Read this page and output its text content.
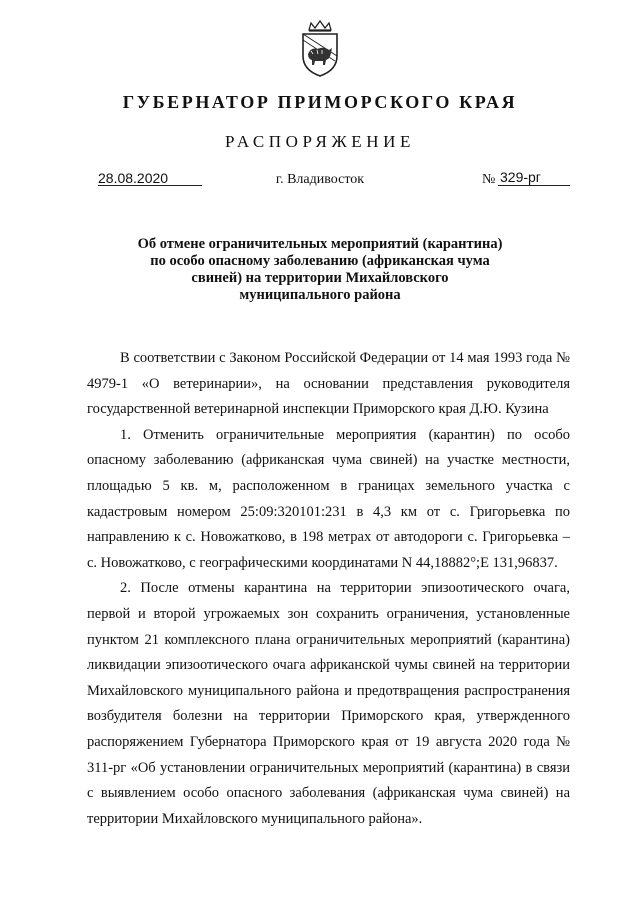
ГУБЕРНАТОР ПРИМОРСКОГО КРАЯ
РАСПОРЯЖЕНИЕ
28.08.2020	г. Владивосток	№ 329-рг
Об отмене ограничительных мероприятий (карантина)
по особо опасному заболеванию (африканская чума
свиней) на территории Михайловского
муниципального района

В соответствии с Законом Российской Федерации от 14 мая 1993 года № 4979-1 «О ветеринарии», на основании представления руководителя государственной ветеринарной инспекции Приморского края Д.Ю. Кузина

1. Отменить ограничительные мероприятия (карантин) по особо опасному заболеванию (африканская чума свиней) на участке местности, площадью 5 кв. м, расположенном в границах земельного участка с кадастровым номером 25:09:320101:231 в 4,3 км от с. Григорьевка по направлению к с. Новожатково, в 198 метрах от автодороги с. Григорьевка – с. Новожатково, с географическими координатами N 44,18882°;E 131,96837.

2. После отмены карантина на территории эпизоотического очага, первой и второй угрожаемых зон сохранить ограничения, установленные пунктом 21 комплексного плана ограничительных мероприятий (карантина) ликвидации эпизоотического очага африканской чумы свиней на территории Михайловского муниципального района и предотвращения распространения возбудителя болезни на территории Приморского края, утвержденного распоряжением Губернатора Приморского края от 19 августа 2020 года № 311-рг «Об установлении ограничительных мероприятий (карантина) в связи с выявлением особо опасного заболевания (африканская чума свиней) на территории Михайловского муниципального района».
